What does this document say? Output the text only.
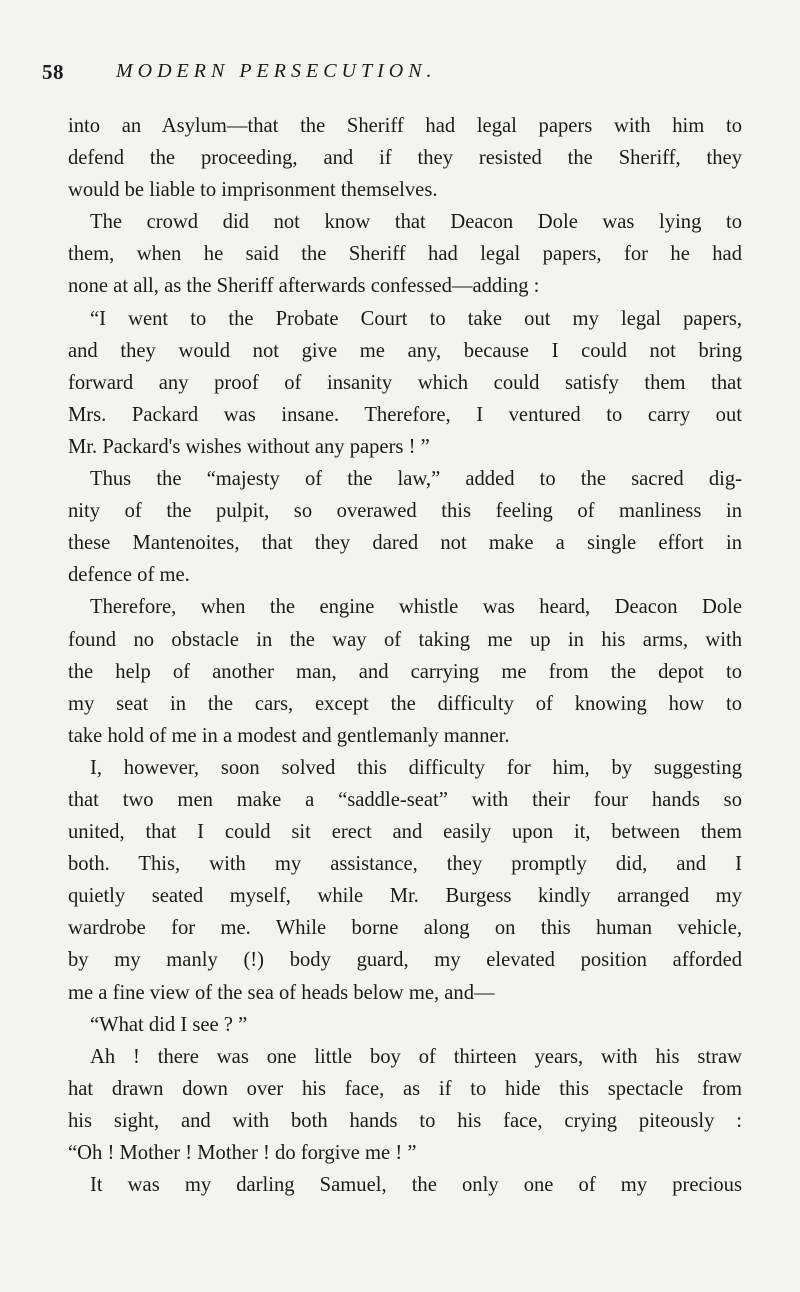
58	MODERN PERSECUTION.
into an Asylum—that the Sheriff had legal papers with him to
defend the proceeding, and if they resisted the Sheriff, they
would be liable to imprisonment themselves.
The crowd did not know that Deacon Dole was lying to
them, when he said the Sheriff had legal papers, for he had
none at all, as the Sheriff afterwards confessed—adding :
“I went to the Probate Court to take out my legal papers,
and they would not give me any, because I could not bring
forward any proof of insanity which could satisfy them that
Mrs. Packard was insane. Therefore, I ventured to carry out
Mr. Packard's wishes without any papers ! ”
Thus the “majesty of the law,” added to the sacred dig-
nity of the pulpit, so overawed this feeling of manliness in
these Mantenoites, that they dared not make a single effort in
defence of me.
Therefore, when the engine whistle was heard, Deacon Dole
found no obstacle in the way of taking me up in his arms, with
the help of another man, and carrying me from the depot to
my seat in the cars, except the difficulty of knowing how to
take hold of me in a modest and gentlemanly manner.
I, however, soon solved this difficulty for him, by suggesting
that two men make a “saddle-seat” with their four hands so
united, that I could sit erect and easily upon it, between them
both. This, with my assistance, they promptly did, and I
quietly seated myself, while Mr. Burgess kindly arranged my
wardrobe for me. While borne along on this human vehicle,
by my manly (!) body guard, my elevated position afforded
me a fine view of the sea of heads below me, and—
“What did I see ? ”
Ah ! there was one little boy of thirteen years, with his straw
hat drawn down over his face, as if to hide this spectacle from
his sight, and with both hands to his face, crying piteously :
“Oh ! Mother ! Mother ! do forgive me ! ”
It was my darling Samuel, the only one of my precious
